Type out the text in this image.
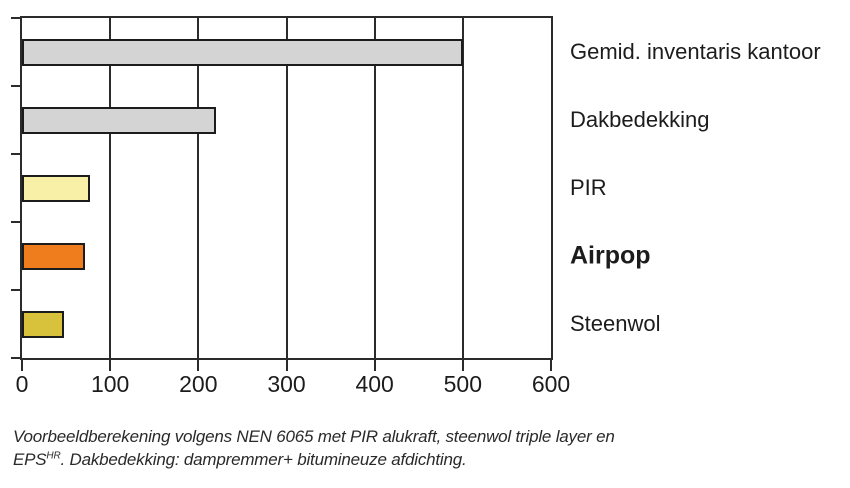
Gemid. inventaris kantoor
Dakbedekking
PIR
Airpop
Steenwol
0	100 200 300 400 500 600
Voorbeeldberekening volgens NEN 6065 met PIR alukraft, steenwol triple layer en
$EPS^{HR}$. Dakbedekking: dampremmer+ bitumineuze afdichting.
